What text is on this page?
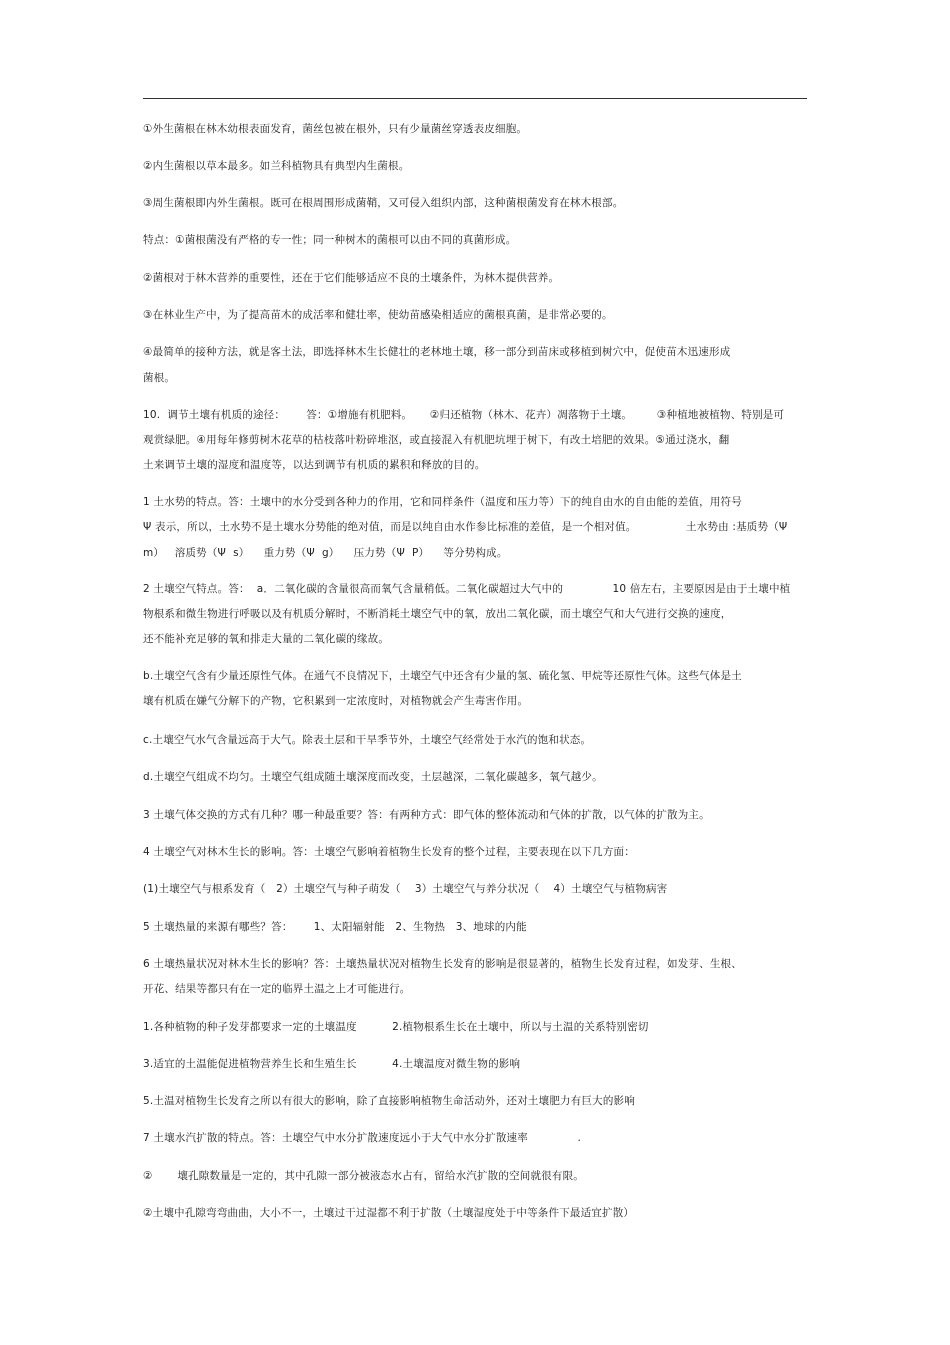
①外生菌根在林木幼根表面发育，菌丝包被在根外，只有少量菌丝穿透表皮细胞。
②内生菌根以草本最多。如兰科植物具有典型内生菌根。
③周生菌根即内外生菌根。既可在根周围形成菌鞘，又可侵入组织内部，这种菌根菌发育在林木根部。
特点：①菌根菌没有严格的专一性；同一种树木的菌根可以由不同的真菌形成。
②菌根对于林木营养的重要性，还在于它们能够适应不良的土壤条件，为林木提供营养。
③在林业生产中，为了提高苗木的成活率和健壮率，使幼苗感染相适应的菌根真菌，是非常必要的。
④最简单的接种方法，就是客土法，即选择林木生长健壮的老林地土壤，移一部分到苗床或移植到树穴中，促使苗木迅速形成
菌根。
10.  调节土壤有机质的途径：      答：①增施有机肥料。     ②归还植物（林木、花卉）凋落物于土壤。       ③种植地被植物、特别是可
观赏绿肥。④用每年修剪树木花草的枯枝落叶粉碎堆沤，或直接混入有机肥坑埋于树下，有改土培肥的效果。⑤通过浇水，翻
土来调节土壤的湿度和温度等，以达到调节有机质的累积和释放的目的。
1 土水势的特点。答：土壤中的水分受到各种力的作用，它和同样条件（温度和压力等）下的纯自由水的自由能的差值，用符号
Ψ 表示，所以，土水势不是土壤水分势能的绝对值，而是以纯自由水作参比标准的差值，是一个相对值。              土水势由 :基质势（Ψ
m）   溶质势（Ψ  s）    重力势（Ψ  g）    压力势（Ψ  P）    等分势构成。
2 土壤空气特点。答：  a．二氧化碳的含量很高而氧气含量稍低。二氧化碳超过大气中的              10 倍左右，主要原因是由于土壤中植
物根系和微生物进行呼吸以及有机质分解时，不断消耗土壤空气中的氧，放出二氧化碳，而土壤空气和大气进行交换的速度，
还不能补充足够的氧和排走大量的二氧化碳的缘故。
b.土壤空气含有少量还原性气体。在通气不良情况下，土壤空气中还含有少量的氢、硫化氢、甲烷等还原性气体。这些气体是土
壤有机质在嫌气分解下的产物，它积累到一定浓度时，对植物就会产生毒害作用。
c.土壤空气水气含量远高于大气。除表土层和干旱季节外，土壤空气经常处于水汽的饱和状态。
d.土壤空气组成不均匀。土壤空气组成随土壤深度而改变，土层越深，二氧化碳越多，氧气越少。
3 土壤气体交换的方式有几种？哪一种最重要？答：有两种方式：即气体的整体流动和气体的扩散，以气体的扩散为主。
4 土壤空气对林木生长的影响。答：土壤空气影响着植物生长发育的整个过程，主要表现在以下几方面：
(1)土壤空气与根系发育（   2）土壤空气与种子萌发（    3）土壤空气与养分状况（    4）土壤空气与植物病害
5 土壤热量的来源有哪些？答：      1、太阳辐射能   2、生物热   3、地球的内能
6 土壤热量状况对林木生长的影响？答：土壤热量状况对植物生长发育的影响是很显著的，植物生长发育过程，如发芽、生根、
开花、结果等都只有在一定的临界土温之上才可能进行。
1.各种植物的种子发芽都要求一定的土壤温度          2.植物根系生长在土壤中，所以与土温的关系特别密切
3.适宜的土温能促进植物营养生长和生殖生长          4.土壤温度对微生物的影响
5.土温对植物生长发育之所以有很大的影响，除了直接影响植物生命活动外，还对土壤肥力有巨大的影响
7 土壤水汽扩散的特点。答：土壤空气中水分扩散速度远小于大气中水分扩散速率              .
②       壤孔隙数量是一定的，其中孔隙一部分被液态水占有，留给水汽扩散的空间就很有限。
②土壤中孔隙弯弯曲曲，大小不一，土壤过干过湿都不利于扩散（土壤湿度处于中等条件下最适宜扩散）
